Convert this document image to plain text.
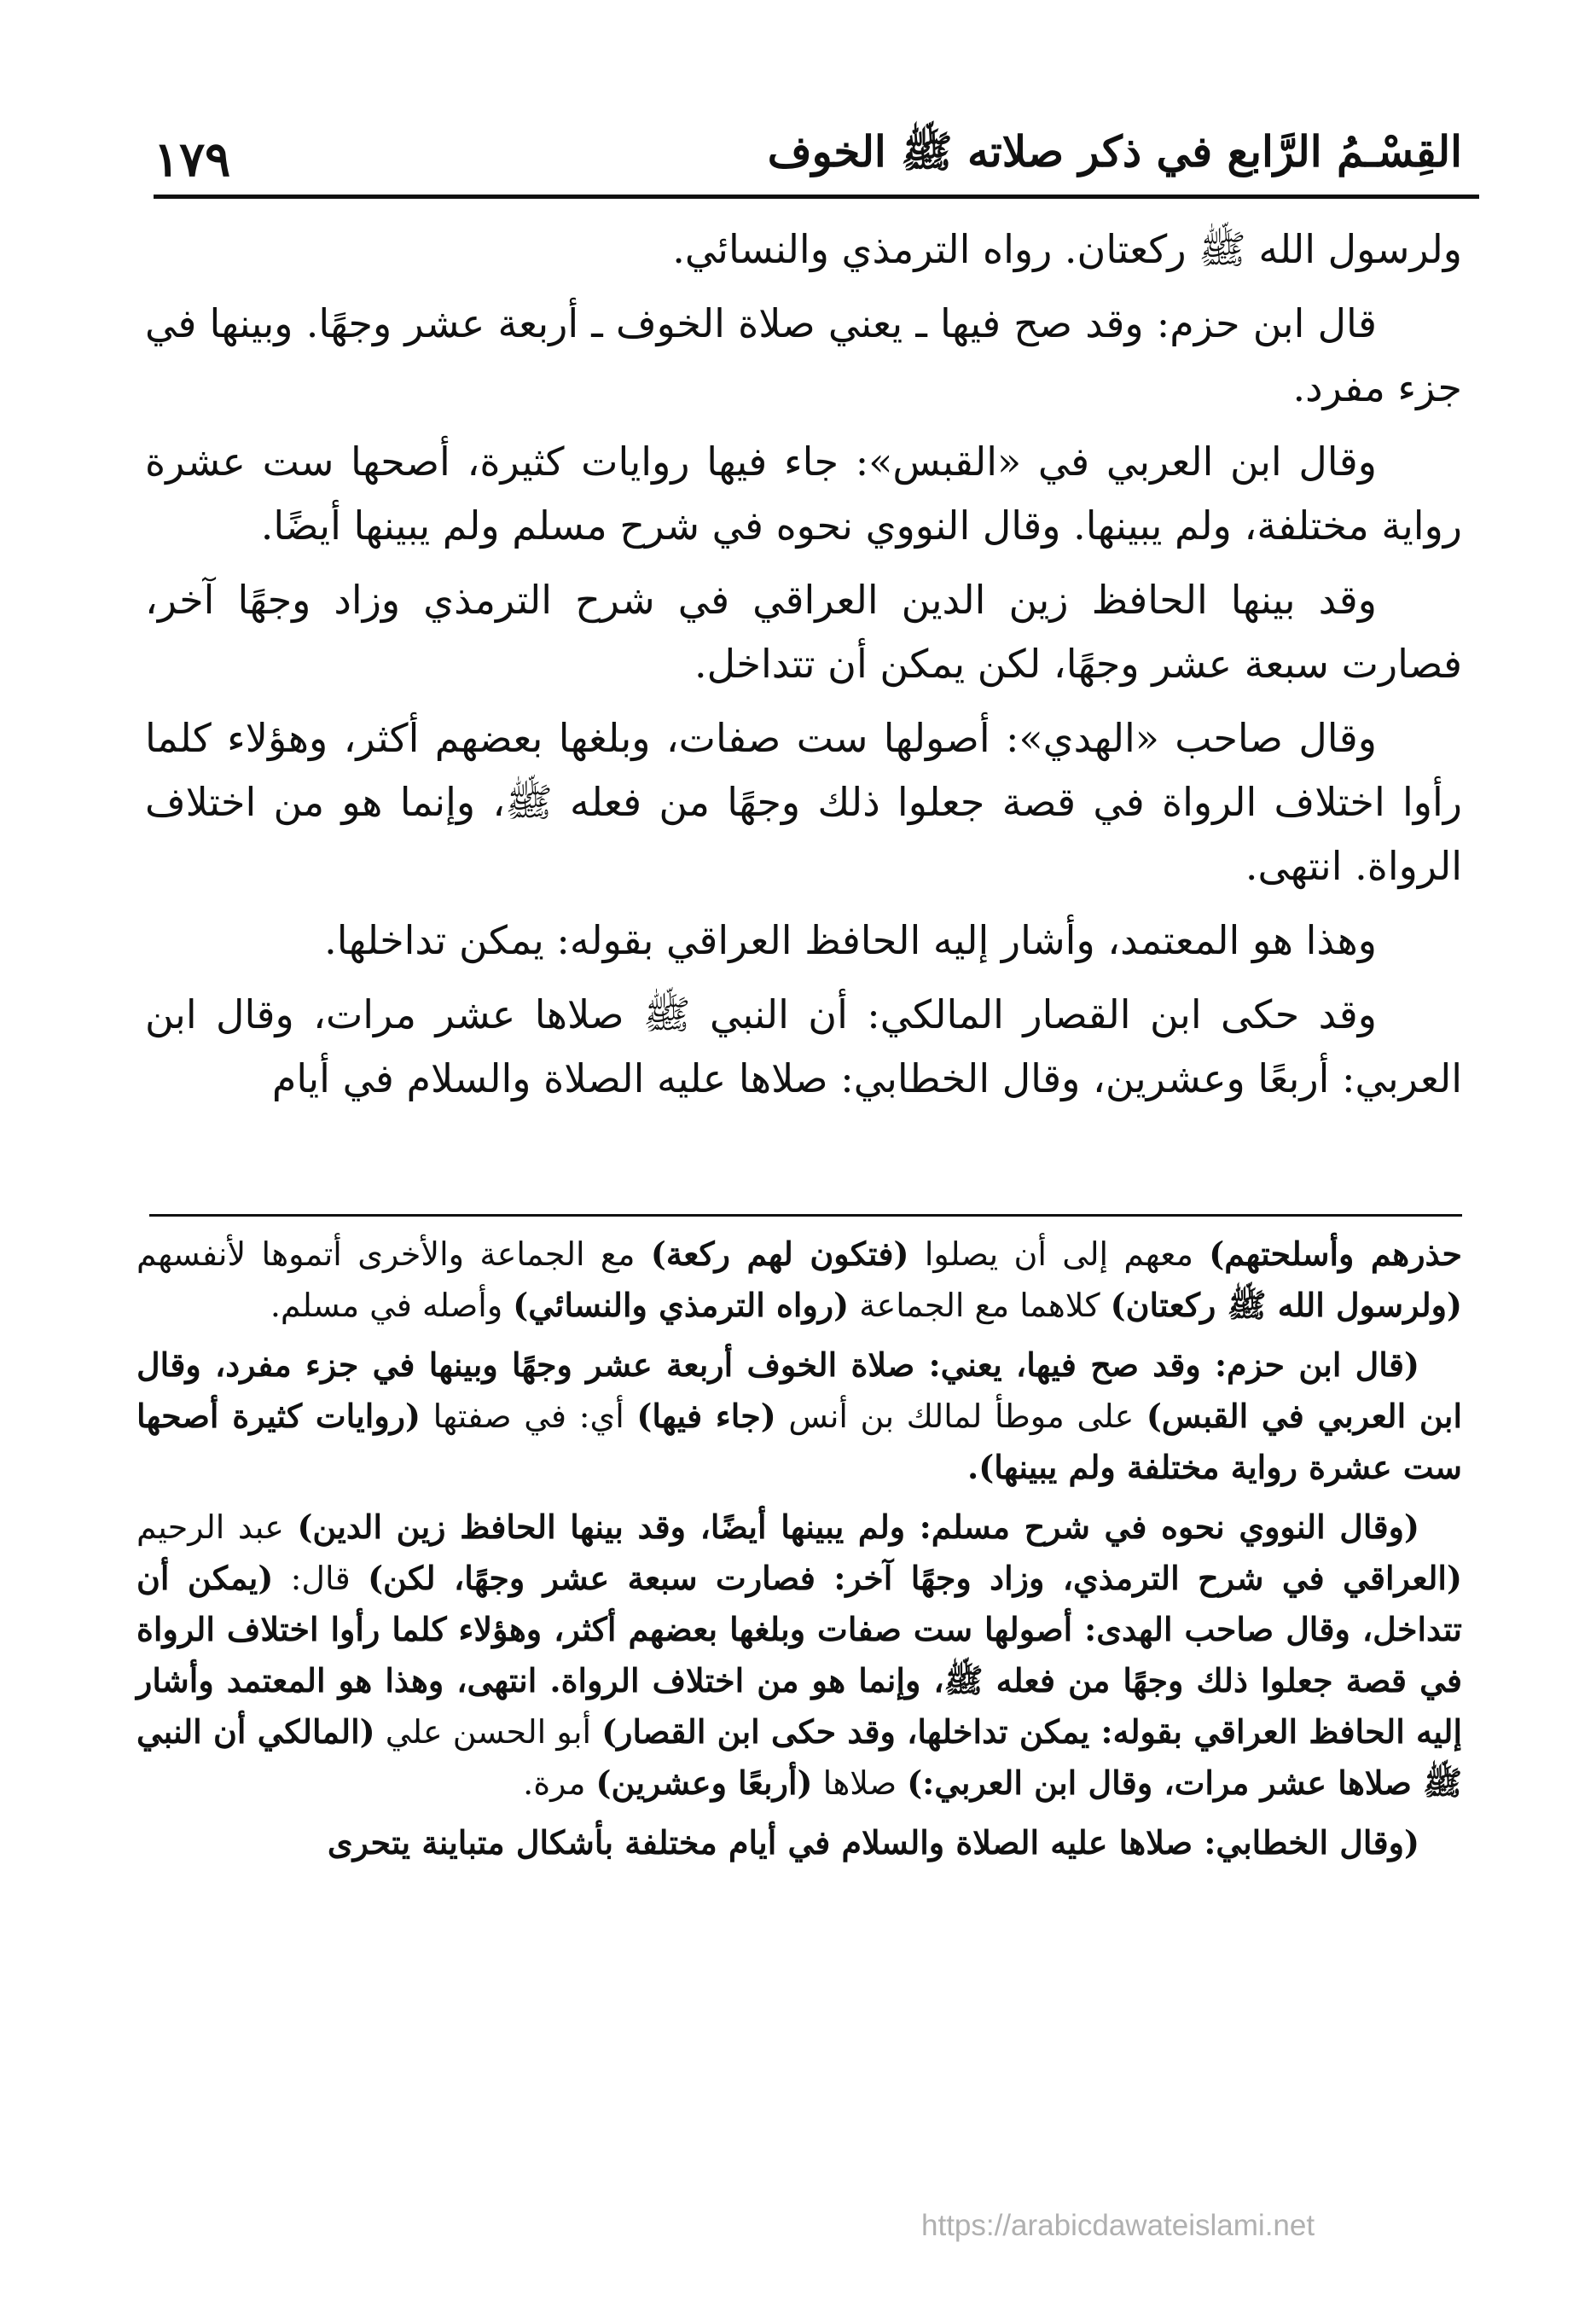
القِسْـمُ الرَّابع في ذكر صلاته ﷺ الخوف
١٧٩

ولرسول الله ﷺ ركعتان. رواه الترمذي والنسائي.

قال ابن حزم: وقد صح فيها ـ يعني صلاة الخوف ـ أربعة عشر وجهًا. وبينها في جزء مفرد.

وقال ابن العربي في «القبس»: جاء فيها روايات كثيرة، أصحها ست عشرة رواية مختلفة، ولم يبينها. وقال النووي نحوه في شرح مسلم ولم يبينها أيضًا.

وقد بينها الحافظ زين الدين العراقي في شرح الترمذي وزاد وجهًا آخر، فصارت سبعة عشر وجهًا، لكن يمكن أن تتداخل.

وقال صاحب «الهدي»: أصولها ست صفات، وبلغها بعضهم أكثر، وهؤلاء كلما رأوا اختلاف الرواة في قصة جعلوا ذلك وجهًا من فعله ﷺ، وإنما هو من اختلاف الرواة. انتهى.

وهذا هو المعتمد، وأشار إليه الحافظ العراقي بقوله: يمكن تداخلها.

وقد حكى ابن القصار المالكي: أن النبي ﷺ صلاها عشر مرات، وقال ابن العربي: أربعًا وعشرين، وقال الخطابي: صلاها عليه الصلاة والسلام في أيام

حذرهم وأسلحتهم) معهم إلى أن يصلوا (فتكون لهم ركعة) مع الجماعة والأخرى أتموها لأنفسهم (ولرسول الله ﷺ ركعتان) كلاهما مع الجماعة (رواه الترمذي والنسائي) وأصله في مسلم.

(قال ابن حزم: وقد صح فيها، يعني: صلاة الخوف أربعة عشر وجهًا وبينها في جزء مفرد، وقال ابن العربي في القبس) على موطأ لمالك بن أنس (جاء فيها) أي: في صفتها (روايات كثيرة أصحها ست عشرة رواية مختلفة ولم يبينها).

(وقال النووي نحوه في شرح مسلم: ولم يبينها أيضًا، وقد بينها الحافظ زين الدين) عبد الرحيم (العراقي في شرح الترمذي، وزاد وجهًا آخر: فصارت سبعة عشر وجهًا، لكن) قال: (يمكن أن تتداخل، وقال صاحب الهدى: أصولها ست صفات وبلغها بعضهم أكثر، وهؤلاء كلما رأوا اختلاف الرواة في قصة جعلوا ذلك وجهًا من فعله ﷺ، وإنما هو من اختلاف الرواة. انتهى، وهذا هو المعتمد وأشار إليه الحافظ العراقي بقوله: يمكن تداخلها، وقد حكى ابن القصار) أبو الحسن علي (المالكي أن النبي ﷺ صلاها عشر مرات، وقال ابن العربي:) صلاها (أربعًا وعشرين) مرة.

(وقال الخطابي: صلاها عليه الصلاة والسلام في أيام مختلفة بأشكال متباينة يتحرى

https://arabicdawateislami.net
